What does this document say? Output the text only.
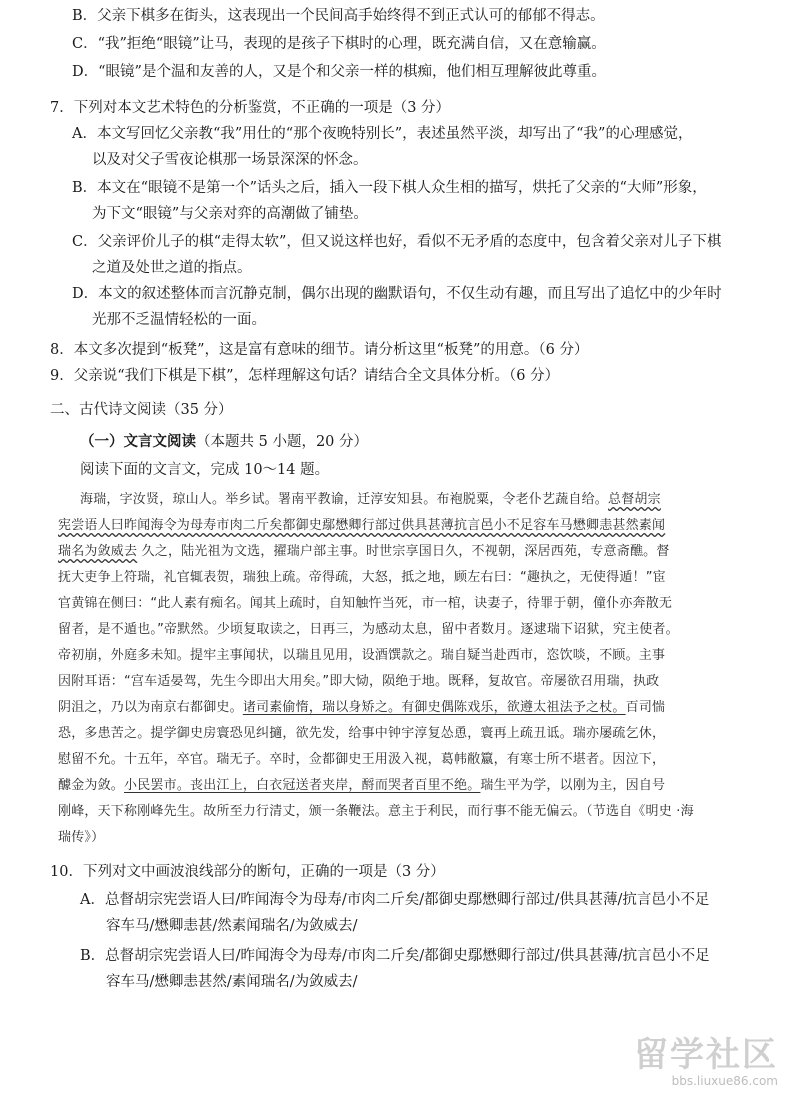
B．父亲下棋多在街头，这表现出一个民间高手始终得不到正式认可的郁郁不得志。
C．“我”拒绝“眼镜”让马，表现的是孩子下棋时的心理，既充满自信，又在意输赢。
D．“眼镜”是个温和友善的人，又是个和父亲一样的棋痴，他们相互理解彼此尊重。
7．下列对本文艺术特色的分析鉴赏，不正确的一项是（3 分）
A．本文写回忆父亲教“我”用仕的“那个夜晚特别长”，表述虽然平淡，却写出了“我”的心理感觉，
以及对父子雪夜论棋那一场景深深的怀念。
B．本文在“眼镜不是第一个”话头之后，插入一段下棋人众生相的描写，烘托了父亲的“大师”形象，
为下文“眼镜”与父亲对弈的高潮做了铺垫。
C．父亲评价儿子的棋“走得太软”，但又说这样也好，看似不无矛盾的态度中，包含着父亲对儿子下棋
之道及处世之道的指点。
D．本文的叙述整体而言沉静克制，偶尔出现的幽默语句，不仅生动有趣，而且写出了追忆中的少年时
光那不乏温情轻松的一面。
8．本文多次提到“板凳”，这是富有意味的细节。请分析这里“板凳”的用意。（6 分）
9．父亲说“我们下棋是下棋”，怎样理解这句话？请结合全文具体分析。（6 分）
二、古代诗文阅读（35 分）
（一）文言文阅读（本题共 5 小题，20 分）
阅读下面的文言文，完成 10～14 题。
海瑞，字汝贤，琼山人。举乡试。署南平教谕，迁淳安知县。布袍脱粟，令老仆艺蔬自给。总督胡宗
宪尝语人曰昨闻海令为母寿市肉二斤矣都御史鄢懋卿行部过供具甚薄抗言邑小不足容车马懋卿恚甚然素闻
瑞名为敛威去 久之，陆光祖为文选，擢瑞户部主事。时世宗享国日久，不视朝，深居西苑，专意斋醮。督
抚大吏争上符瑞，礼官辄表贺，瑞独上疏。帝得疏，大怒，抵之地，顾左右曰：“趣执之，无使得遁！”宦
官黄锦在侧曰：“此人素有痴名。闻其上疏时，自知触忤当死，市一棺，诀妻子，待罪于朝，僮仆亦奔散无
留者，是不遁也。”帝默然。少顷复取读之，日再三，为感动太息，留中者数月。逐逮瑞下诏狱，究主使者。
帝初崩，外庭多未知。提牢主事闻状，以瑞且见用，设酒馔款之。瑞自疑当赴西市，恣饮啖，不顾。主事
因附耳语：“宫车适晏驾，先生今即出大用矣。”即大恸，陨绝于地。既释，复故官。帝屡欲召用瑞，执政
阴沮之，乃以为南京右都御史。诸司素偷惰，瑞以身矫之。有御史偶陈戏乐，欲遵太祖法予之杖。百司惴
恐，多患苦之。提学御史房寰恐见纠擿，欲先发，给事中钟宇淳复怂恿，寰再上疏丑诋。瑞亦屡疏乞休，
慰留不允。十五年，卒官。瑞无子。卒时，佥都御史王用汲入视，葛帏敝籝，有寒士所不堪者。因泣下，
醵金为敛。小民罢市。丧出江上，白衣冠送者夹岸，酹而哭者百里不绝。瑞生平为学，以刚为主，因自号
刚峰，天下称刚峰先生。故所至力行清丈，颁一条鞭法。意主于利民，而行事不能无偏云。（节选自《明史 ·海
瑞传》）
10．下列对文中画波浪线部分的断句，正确的一项是（3 分）
A．总督胡宗宪尝语人曰/昨闻海令为母寿/市肉二斤矣/都御史鄢懋卿行部过/供具甚薄/抗言邑小不足
容车马/懋卿恚甚/然素闻瑞名/为敛威去/
B．总督胡宗宪尝语人曰/昨闻海令为母寿/市肉二斤矣/都御史鄢懋卿行部过/供具甚薄/抗言邑小不足
容车马/懋卿恚甚然/素闻瑞名/为敛威去/
留学社区
bbs.liuxue86.com
